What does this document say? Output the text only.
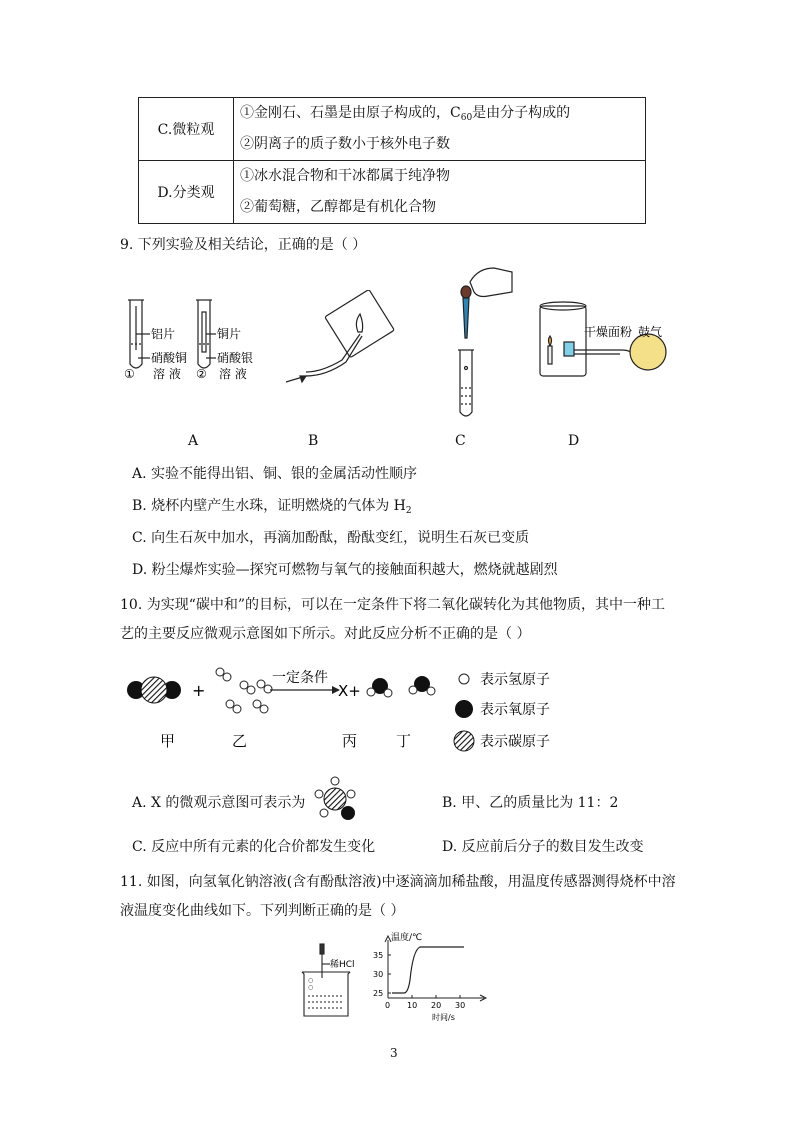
C.微粒观	①金刚石、石墨是由原子构成的，$C_{60}$是由分子构成的
②阴离子的质子数小于核外电子数

D.分类观	①冰水混合物和干冰都属于纯净物
②葡萄糖，乙醇都是有机化合物
9. 下列实验及相关结论，正确的是（ ）
铝片
硝酸铜
溶 液
①
铜片
硝酸银
溶 液
②
干燥面粉 鼓气
A	B	C	D
A. 实验不能得出铝、铜、银的金属活动性顺序
B. 烧杯内壁产生水珠，证明燃烧的气体为 $H_2$
C. 向生石灰中加水，再滴加酚酞，酚酞变红，说明生石灰已变质
D. 粉尘爆炸实验—探究可燃物与氧气的接触面积越大，燃烧就越剧烈
10. 为实现“碳中和”的目标，可以在一定条件下将二氧化碳转化为其他物质，其中一种工
艺的主要反应微观示意图如下所示。对此反应分析不正确的是（ ）
+
一定条件
X+
甲	乙	丙	丁
表示氢原子
表示氧原子
表示碳原子
A. X 的微观示意图可表示为	B. 甲、乙的质量比为 11：2
C. 反应中所有元素的化合价都发生变化	D. 反应前后分子的数目发生改变
11. 如图，向氢氧化钠溶液(含有酚酞溶液)中逐滴滴加稀盐酸，用温度传感器测得烧杯中溶
液温度变化曲线如下。下列判断正确的是（ ）
○
○
稀HCl
温度/℃
35
30
25
0 10 20 30
时间/s
3
